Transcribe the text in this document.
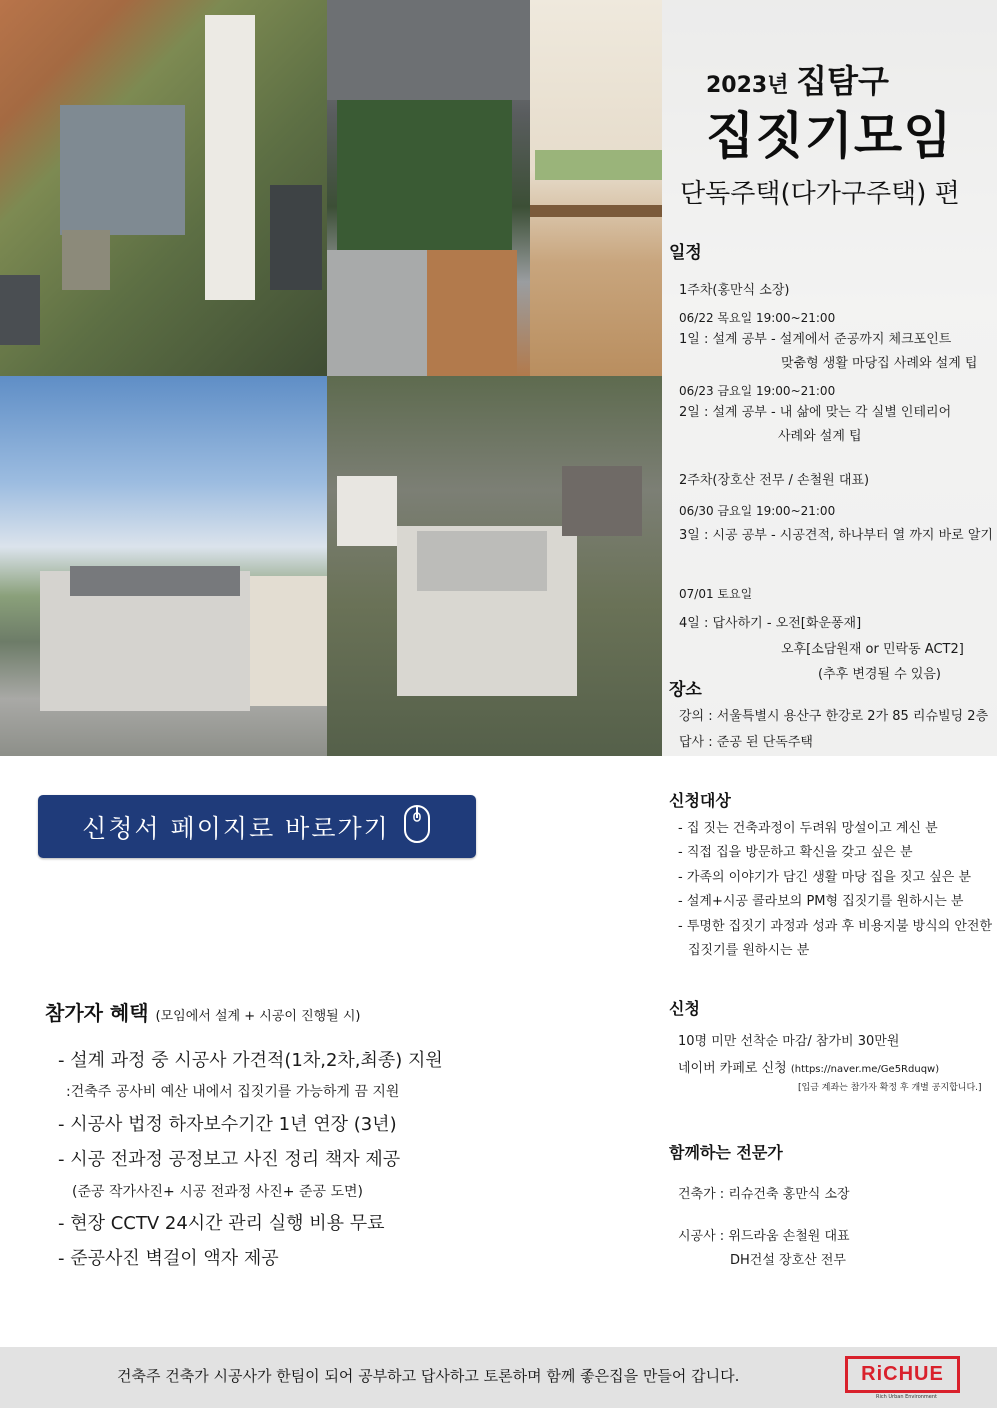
2023년 집탐구
집짓기모임
단독주택(다가구주택) 편
일정
1주차(홍만식 소장)
06/22 목요일 19:00~21:00
1일 : 설계 공부 - 설계에서 준공까지 체크포인트
맞춤형 생활 마당집 사례와 설계 팁
06/23 금요일 19:00~21:00
2일 : 설계 공부 - 내 삶에 맞는 각 실별 인테리어
사례와 설계 팁
2주차(장호산 전무 / 손철원 대표)
06/30 금요일 19:00~21:00
3일 : 시공 공부 - 시공견적, 하나부터 열 까지 바로 알기
07/01 토요일
4일 : 답사하기 - 오전[화운퐁재]
오후[소담원재 or 민락동 ACT2]
(추후 변경될 수 있음)
장소
강의 : 서울특별시 용산구 한강로 2가 85 리슈빌딩 2층
답사 : 준공 된 단독주택
신청서 페이지로 바로가기
신청대상
- 집 짓는 건축과정이 두려워 망설이고 계신 분
- 직접 집을 방문하고 확신을 갖고 싶은 분
- 가족의 이야기가 담긴 생활 마당 집을 짓고 싶은 분
- 설계+시공 콜라보의 PM형 집짓기를 원하시는 분
- 투명한 집짓기 과정과 성과 후 비용지불 방식의 안전한
집짓기를 원하시는 분
참가자 혜택 (모임에서 설계 + 시공이 진행될 시)
- 설계 과정 중 시공사 가견적(1차,2차,최종) 지원
:건축주 공사비 예산 내에서 집짓기를 가능하게 끔 지원
- 시공사 법정 하자보수기간 1년 연장 (3년)
- 시공 전과정 공정보고 사진 정리 책자 제공
(준공 작가사진+ 시공 전과정 사진+ 준공 도면)
- 현장 CCTV 24시간 관리 실행 비용 무료
- 준공사진 벽걸이 액자 제공
신청
10명 미만 선착순 마감/ 참가비 30만원
네이버 카페로 신청 (https://naver.me/Ge5Rduqw)
[입금 계좌는 참가자 확정 후 개별 공지합니다.]
함께하는 전문가
건축가 : 리슈건축 홍만식 소장
시공사 : 위드라움 손철원 대표
DH건설 장호산 전무
건축주 건축가 시공사가 한팀이 되어 공부하고 답사하고 토론하며 함께 좋은집을 만들어 갑니다.	RiCHUE
Rich Urban Environment
